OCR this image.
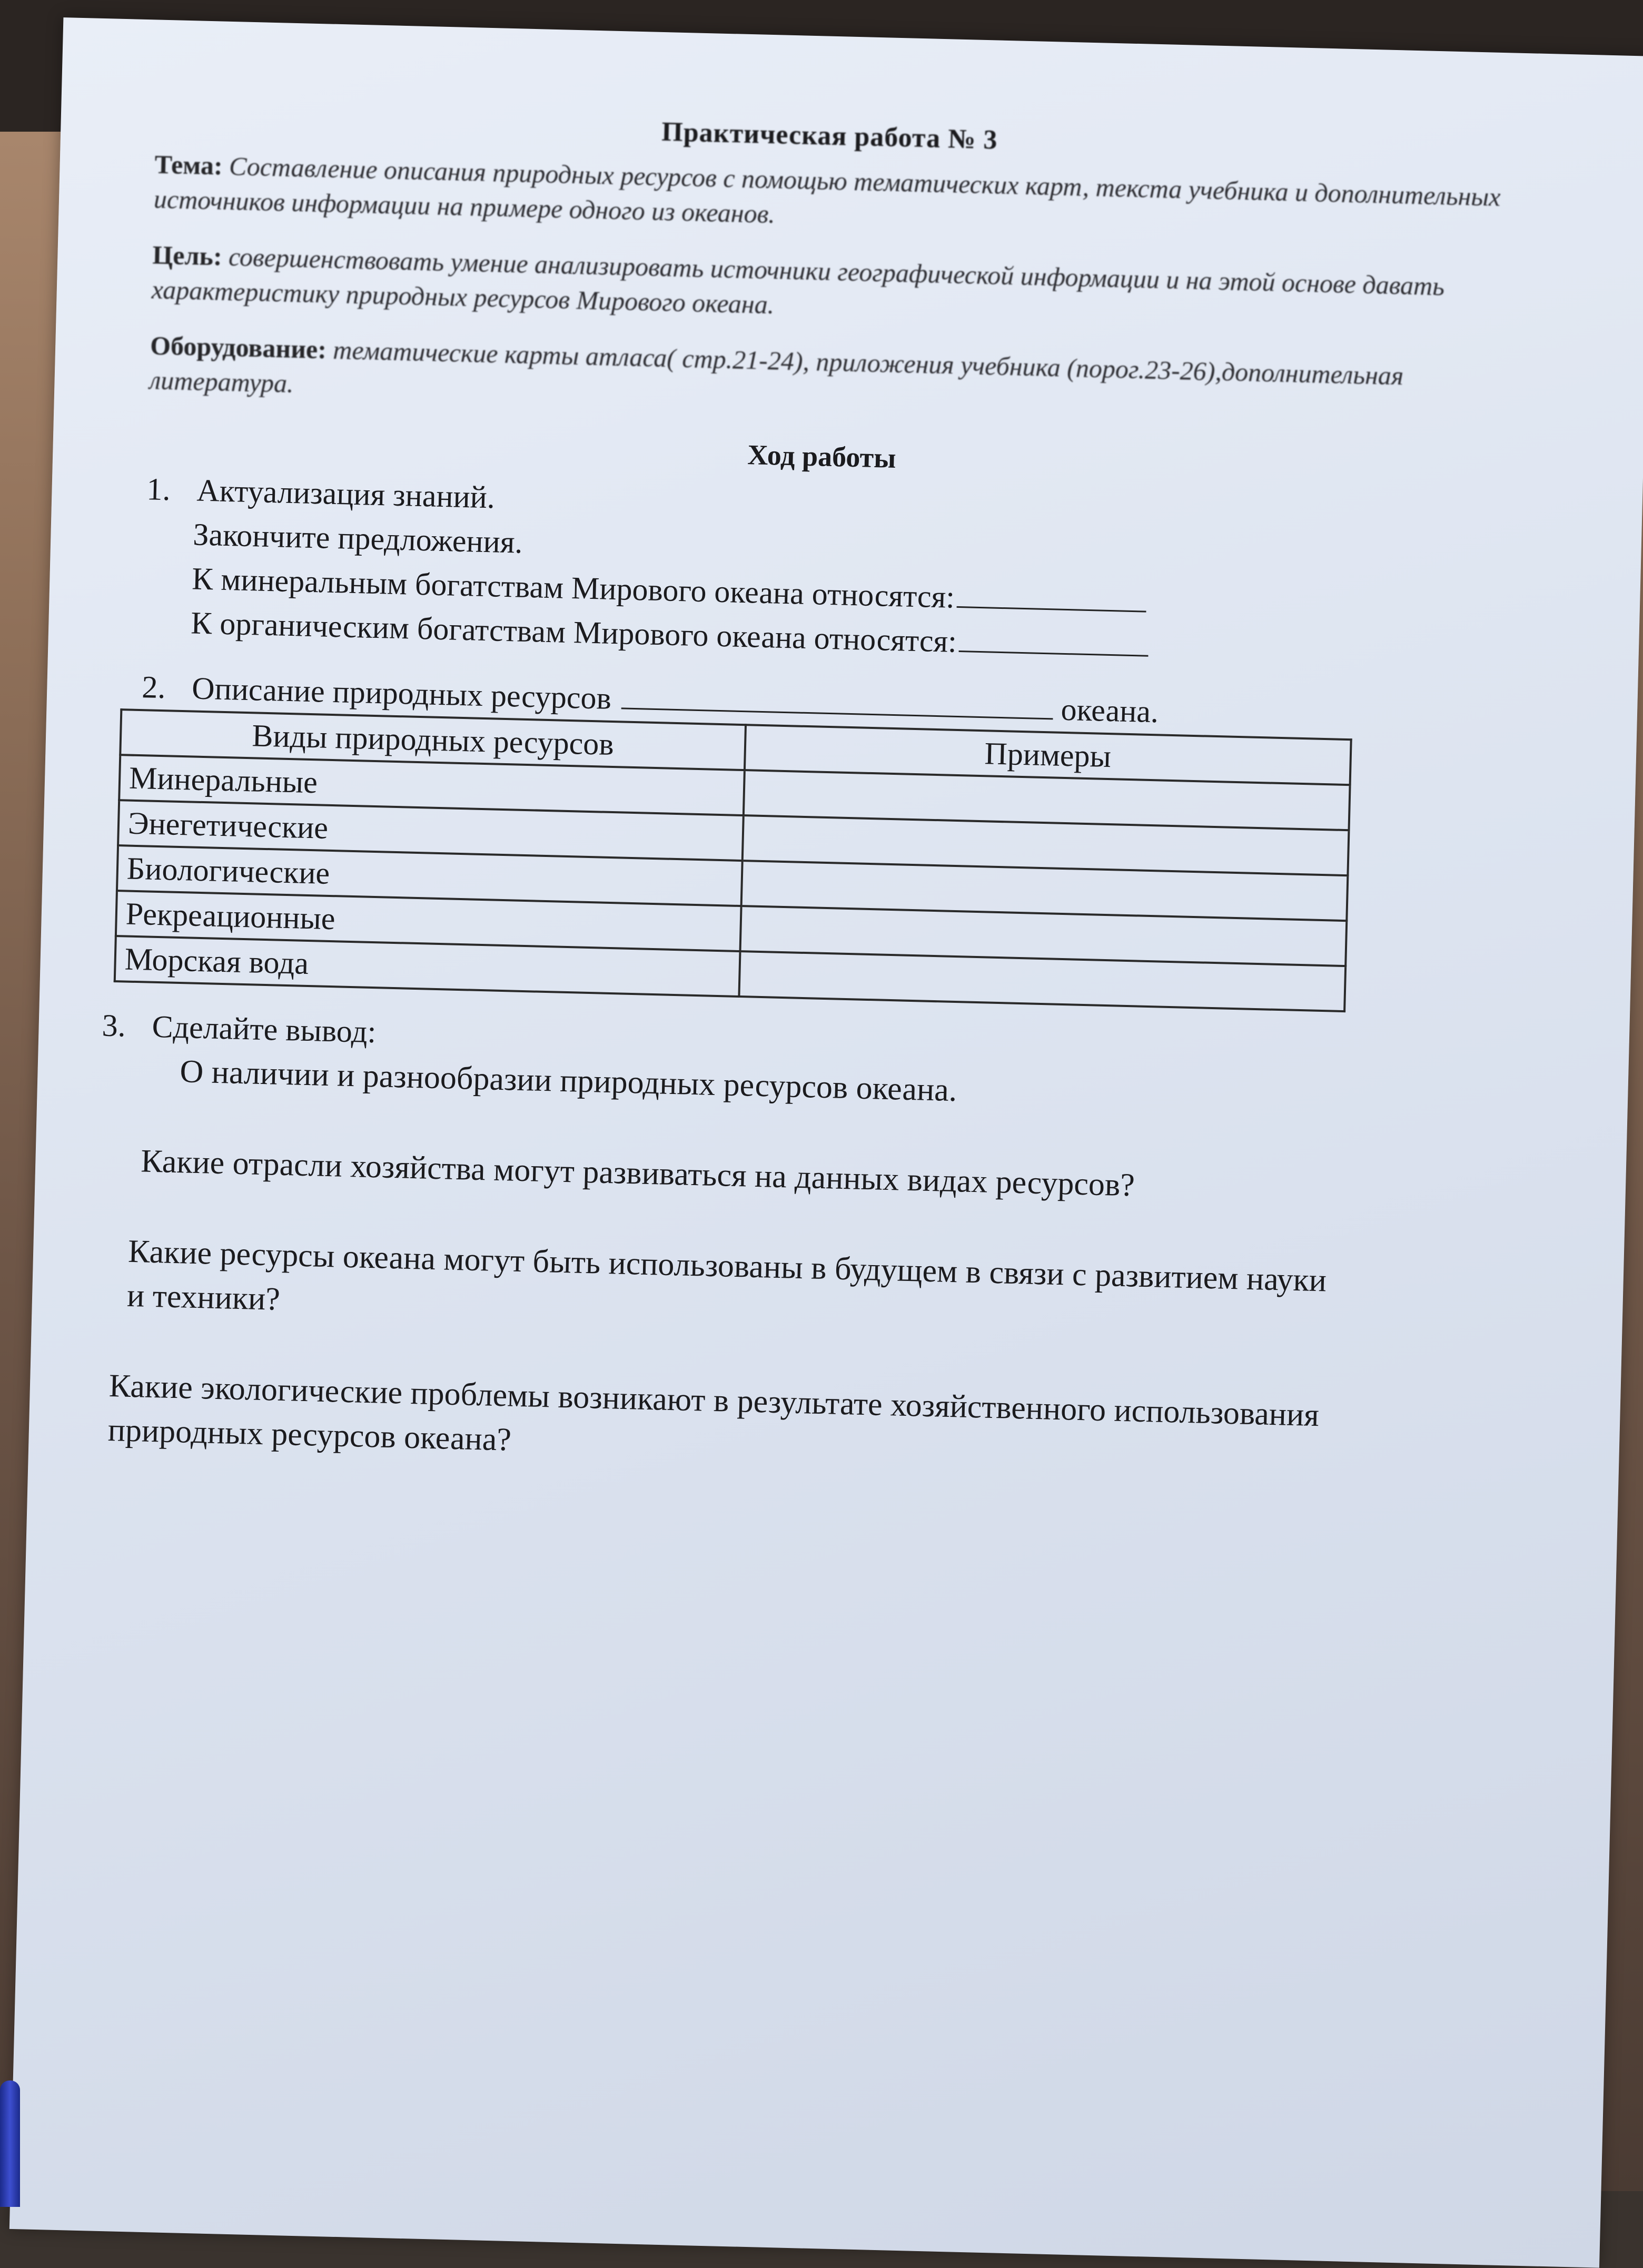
Практическая работа № 3

Тема: Составление описания природных ресурсов с помощью тематических карт, текста учебника и дополнительных источников информации на примере одного из океанов.

Цель: совершенствовать умение анализировать источники географической информации и на этой основе давать характеристику природных ресурсов Мирового океана.

Оборудование: тематические карты атласа( стр.21-24), приложения учебника (порог.23-26),дополнительная литература.

Ход работы
1. Актуализация знаний.
Закончите предложения.
К минеральным богатствам Мирового океана относятся:
К органическим богатствам Мирового океана относятся:
2. Описание природных ресурсов	океана.
Виды природных ресурсов	Примеры
Минеральные	
Энегетические	
Биологические	
Рекреационные	
Морская вода	
3. Сделайте вывод:
О наличии и разнообразии природных ресурсов океана.
Какие отрасли хозяйства могут развиваться на данных видах ресурсов?
Какие ресурсы океана могут быть использованы в будущем в связи с развитием науки и техники?
Какие экологические проблемы возникают в результате хозяйственного использования природных ресурсов океана?
